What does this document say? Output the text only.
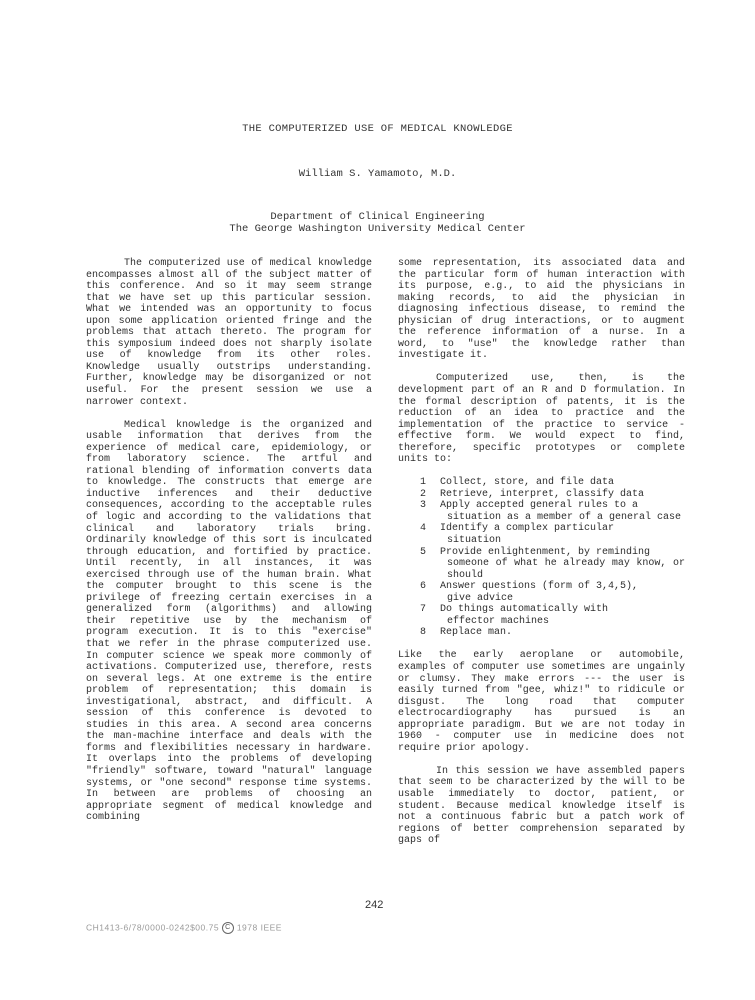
THE COMPUTERIZED USE OF MEDICAL KNOWLEDGE
William S. Yamamoto, M.D.
Department of Clinical Engineering
The George Washington University Medical Center

The computerized use of medical knowledge encompasses almost all of the subject matter of this conference. And so it may seem strange that we have set up this particular session. What we intended was an opportunity to focus upon some application oriented fringe and the problems that attach thereto. The program for this symposium indeed does not sharply isolate use of knowledge from its other roles. Knowledge usually outstrips understanding. Further, knowledge may be disorganized or not useful. For the present session we use a narrower context.

Medical knowledge is the organized and usable information that derives from the experience of medical care, epidemiology, or from laboratory science. The artful and rational blending of information converts data to knowledge. The constructs that emerge are inductive inferences and their deductive consequences, according to the acceptable rules of logic and according to the validations that clinical and laboratory trials bring. Ordinarily knowledge of this sort is inculcated through education, and fortified by practice. Until recently, in all instances, it was exercised through use of the human brain. What the computer brought to this scene is the privilege of freezing certain exercises in a generalized form (algorithms) and allowing their repetitive use by the mechanism of program execution. It is to this "exercise" that we refer in the phrase computerized use. In computer science we speak more commonly of activations. Computerized use, therefore, rests on several legs. At one extreme is the entire problem of representation; this domain is investigational, abstract, and difficult. A session of this conference is devoted to studies in this area. A second area concerns the man-machine interface and deals with the forms and flexibilities necessary in hardware. It overlaps into the problems of developing "friendly" software, toward "natural" language systems, or "one second" response time systems. In between are problems of choosing an appropriate segment of medical knowledge and combining

some representation, its associated data and the particular form of human interaction with its purpose, e.g., to aid the physicians in making records, to aid the physician in diagnosing infectious disease, to remind the physician of drug interactions, or to augment the reference information of a nurse. In a word, to "use" the knowledge rather than investigate it.

Computerized use, then, is the development part of an R and D formulation. In the formal description of patents, it is the reduction of an idea to practice and the implementation of the practice to service - effective form. We would expect to find, therefore, specific prototypes or complete units to:

1	Collect, store, and file data
2	Retrieve, interpret, classify data
3	Apply accepted general rules to a
situation as a member of a general case
4	Identify a complex particular
situation
5	Provide enlightenment, by reminding
someone of what he already may know, or should
6	Answer questions (form of 3,4,5),
give advice
7	Do things automatically with
effector machines
8	Replace man.

Like the early aeroplane or automobile, examples of computer use sometimes are ungainly or clumsy. They make errors --- the user is easily turned from "gee, whiz!" to ridicule or disgust. The long road that computer electrocardiography has pursued is an appropriate paradigm. But we are not today in 1960 - computer use in medicine does not require prior apology.

In this session we have assembled papers that seem to be characterized by the will to be usable immediately to doctor, patient, or student. Because medical knowledge itself is not a continuous fabric but a patch work of regions of better comprehension separated by gaps of

242
CH1413-6/78/0000-0242$00.75 C 1978 IEEE
